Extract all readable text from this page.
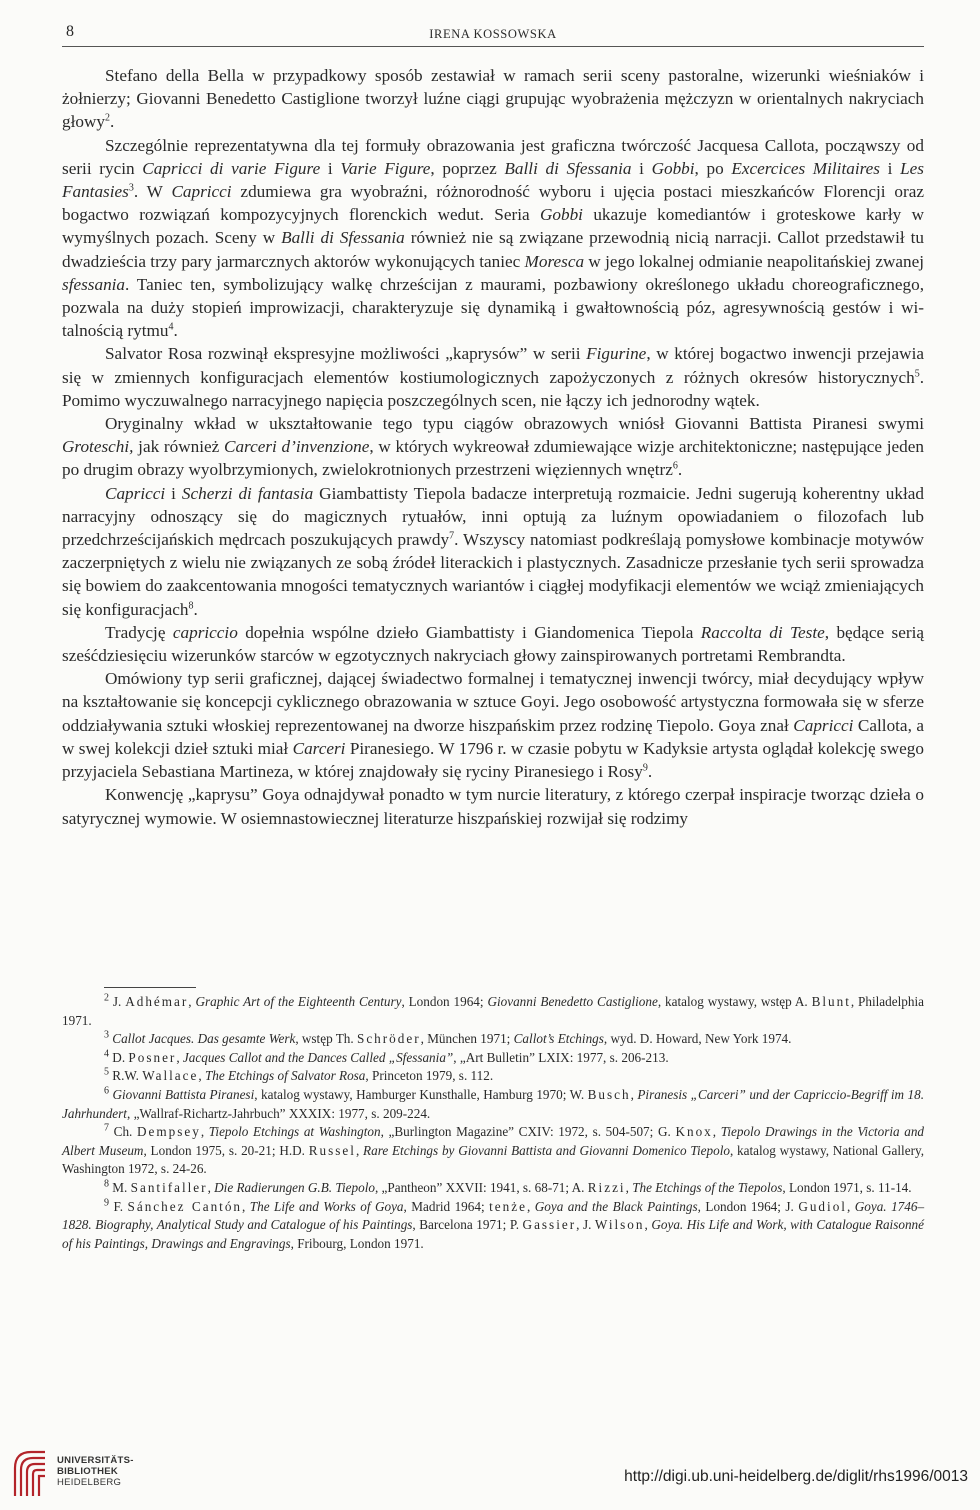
8	IRENA KOSSOWSKA

Stefano della Bella w przypadkowy sposób zestawiał w ramach serii sceny pastoralne, wizerunki wieśniaków i żołnierzy; Giovanni Benedetto Castiglione tworzył luźne ciągi grupując wyobrażenia mężczyzn w orientalnych nakryciach głowy$^2$.

Szczególnie reprezentatywna dla tej formuły obrazowania jest graficzna twórczość Jacquesa Callota, począwszy od serii rycin Capricci di varie Figure i Varie Figure, poprzez Balli di Sfessania i Gobbi, po Excercices Militaires i Les Fantasies$^3$. W Capricci zdumiewa gra wyobraźni, różnorodność wyboru i ujęcia postaci mieszkańców Florencji oraz bogactwo rozwiązań kompozycyjnych florenckich wedut. Seria Gobbi ukazuje komediantów i groteskowe karły w wymyślnych pozach. Sceny w Balli di Sfessania również nie są związane przewodnią nicią narracji. Callot przedstawił tu dwadzieścia trzy pary jarmarcznych aktorów wykonujących taniec Moresca w jego lokalnej odmianie neapolitańskiej zwanej sfessania. Taniec ten, symbolizujący walkę chrześcijan z maurami, pozbawiony określonego układu choreograficznego, pozwala na duży stopień improwizacji, charakteryzuje się dynamiką i gwałtownością póz, agresywnością gestów i witalnością rytmu$^4$.

Salvator Rosa rozwinął ekspresyjne możliwości „kaprysów” w serii Figurine, w której bogactwo inwencji przejawia się w zmiennych konfiguracjach elementów kostiumologicznych zapożyczonych z różnych okresów historycznych$^5$. Pomimo wyczuwalnego narracyjnego napięcia poszczególnych scen, nie łączy ich jednorodny wątek.

Oryginalny wkład w ukształtowanie tego typu ciągów obrazowych wniósł Giovanni Battista Piranesi swymi Groteschi, jak również Carceri d’invenzione, w których wykreował zdumiewające wizje architektoniczne; następujące jeden po drugim obrazy wyolbrzymionych, zwielokrotnionych przestrzeni więziennych wnętrz$^6$.

Capricci i Scherzi di fantasia Giambattisty Tiepola badacze interpretują rozmaicie. Jedni sugerują koherentny układ narracyjny odnoszący się do magicznych rytuałów, inni optują za luźnym opowiadaniem o filozofach lub przedchrześcijańskich mędrcach poszukujących prawdy$^7$. Wszyscy natomiast podkreślają pomysłowe kombinacje motywów zaczerpniętych z wielu nie związanych ze sobą źródeł literackich i plastycznych. Zasadnicze przesłanie tych serii sprowadza się bowiem do zaakcentowania mnogości tematycznych wariantów i ciągłej modyfikacji elementów we wciąż zmieniających się konfiguracjach$^8$.

Tradycję capriccio dopełnia wspólne dzieło Giambattisty i Giandomenica Tiepola Raccolta di Teste, będące serią sześćdziesięciu wizerunków starców w egzotycznych nakryciach głowy zainspirowanych portretami Rembrandta.

Omówiony typ serii graficznej, dającej świadectwo formalnej i tematycznej inwencji twórcy, miał decydujący wpływ na kształtowanie się koncepcji cyklicznego obrazowania w sztuce Goyi. Jego osobowość artystyczna formowała się w sferze oddziaływania sztuki włoskiej reprezentowanej na dworze hiszpańskim przez rodzinę Tiepolo. Goya znał Capricci Callota, a w swej kolekcji dzieł sztuki miał Carceri Piranesiego. W 1796 r. w czasie pobytu w Kadyksie artysta oglądał kolekcję swego przyjaciela Sebastiana Martineza, w której znajdowały się ryciny Piranesiego i Rosy$^9$.

Konwencję „kaprysu” Goya odnajdywał ponadto w tym nurcie literatury, z którego czerpał inspiracje tworząc dzieła o satyrycznej wymowie. W osiemnastowiecznej literaturze hiszpańskiej rozwijał się rodzimy

$^2$ J. Adhémar, Graphic Art of the Eighteenth Century, London 1964; Giovanni Benedetto Castiglione, katalog wystawy, wstęp A. Blunt, Philadelphia 1971.

$^3$ Callot Jacques. Das gesamte Werk, wstęp Th. Schröder, München 1971; Callot’s Etchings, wyd. D. Howard, New York 1974.

$^4$ D. Posner, Jacques Callot and the Dances Called „Sfessania”, „Art Bulletin” LXIX: 1977, s. 206-213.

$^5$ R.W. Wallace, The Etchings of Salvator Rosa, Princeton 1979, s. 112.

$^6$ Giovanni Battista Piranesi, katalog wystawy, Hamburger Kunsthalle, Hamburg 1970; W. Busch, Piranesis „Carceri” und der Capriccio-Begriff im 18. Jahrhundert, „Wallraf-Richartz-Jahrbuch” XXXIX: 1977, s. 209-224.

$^7$ Ch. Dempsey, Tiepolo Etchings at Washington, „Burlington Magazine” CXIV: 1972, s. 504-507; G. Knox, Tiepolo Drawings in the Victoria and Albert Museum, London 1975, s. 20-21; H.D. Russel, Rare Etchings by Giovanni Battista and Giovanni Domenico Tiepolo, katalog wystawy, National Gallery, Washington 1972, s. 24-26.

$^8$ M. Santifaller, Die Radierungen G.B. Tiepolo, „Pantheon” XXVII: 1941, s. 68-71; A. Rizzi, The Etchings of the Tiepolos, London 1971, s. 11-14.

$^9$ F. Sánchez Cantón, The Life and Works of Goya, Madrid 1964; tenże, Goya and the Black Paintings, London 1964; J. Gudiol, Goya. 1746–1828. Biography, Analytical Study and Catalogue of his Paintings, Barcelona 1971; P. Gassier, J. Wilson, Goya. His Life and Work, with Catalogue Raisonné of his Paintings, Drawings and Engravings, Fribourg, London 1971.

UNIVERSITÄTS-
BIBLIOTHEK
HEIDELBERG	http://digi.ub.uni-heidelberg.de/diglit/rhs1996/0013
